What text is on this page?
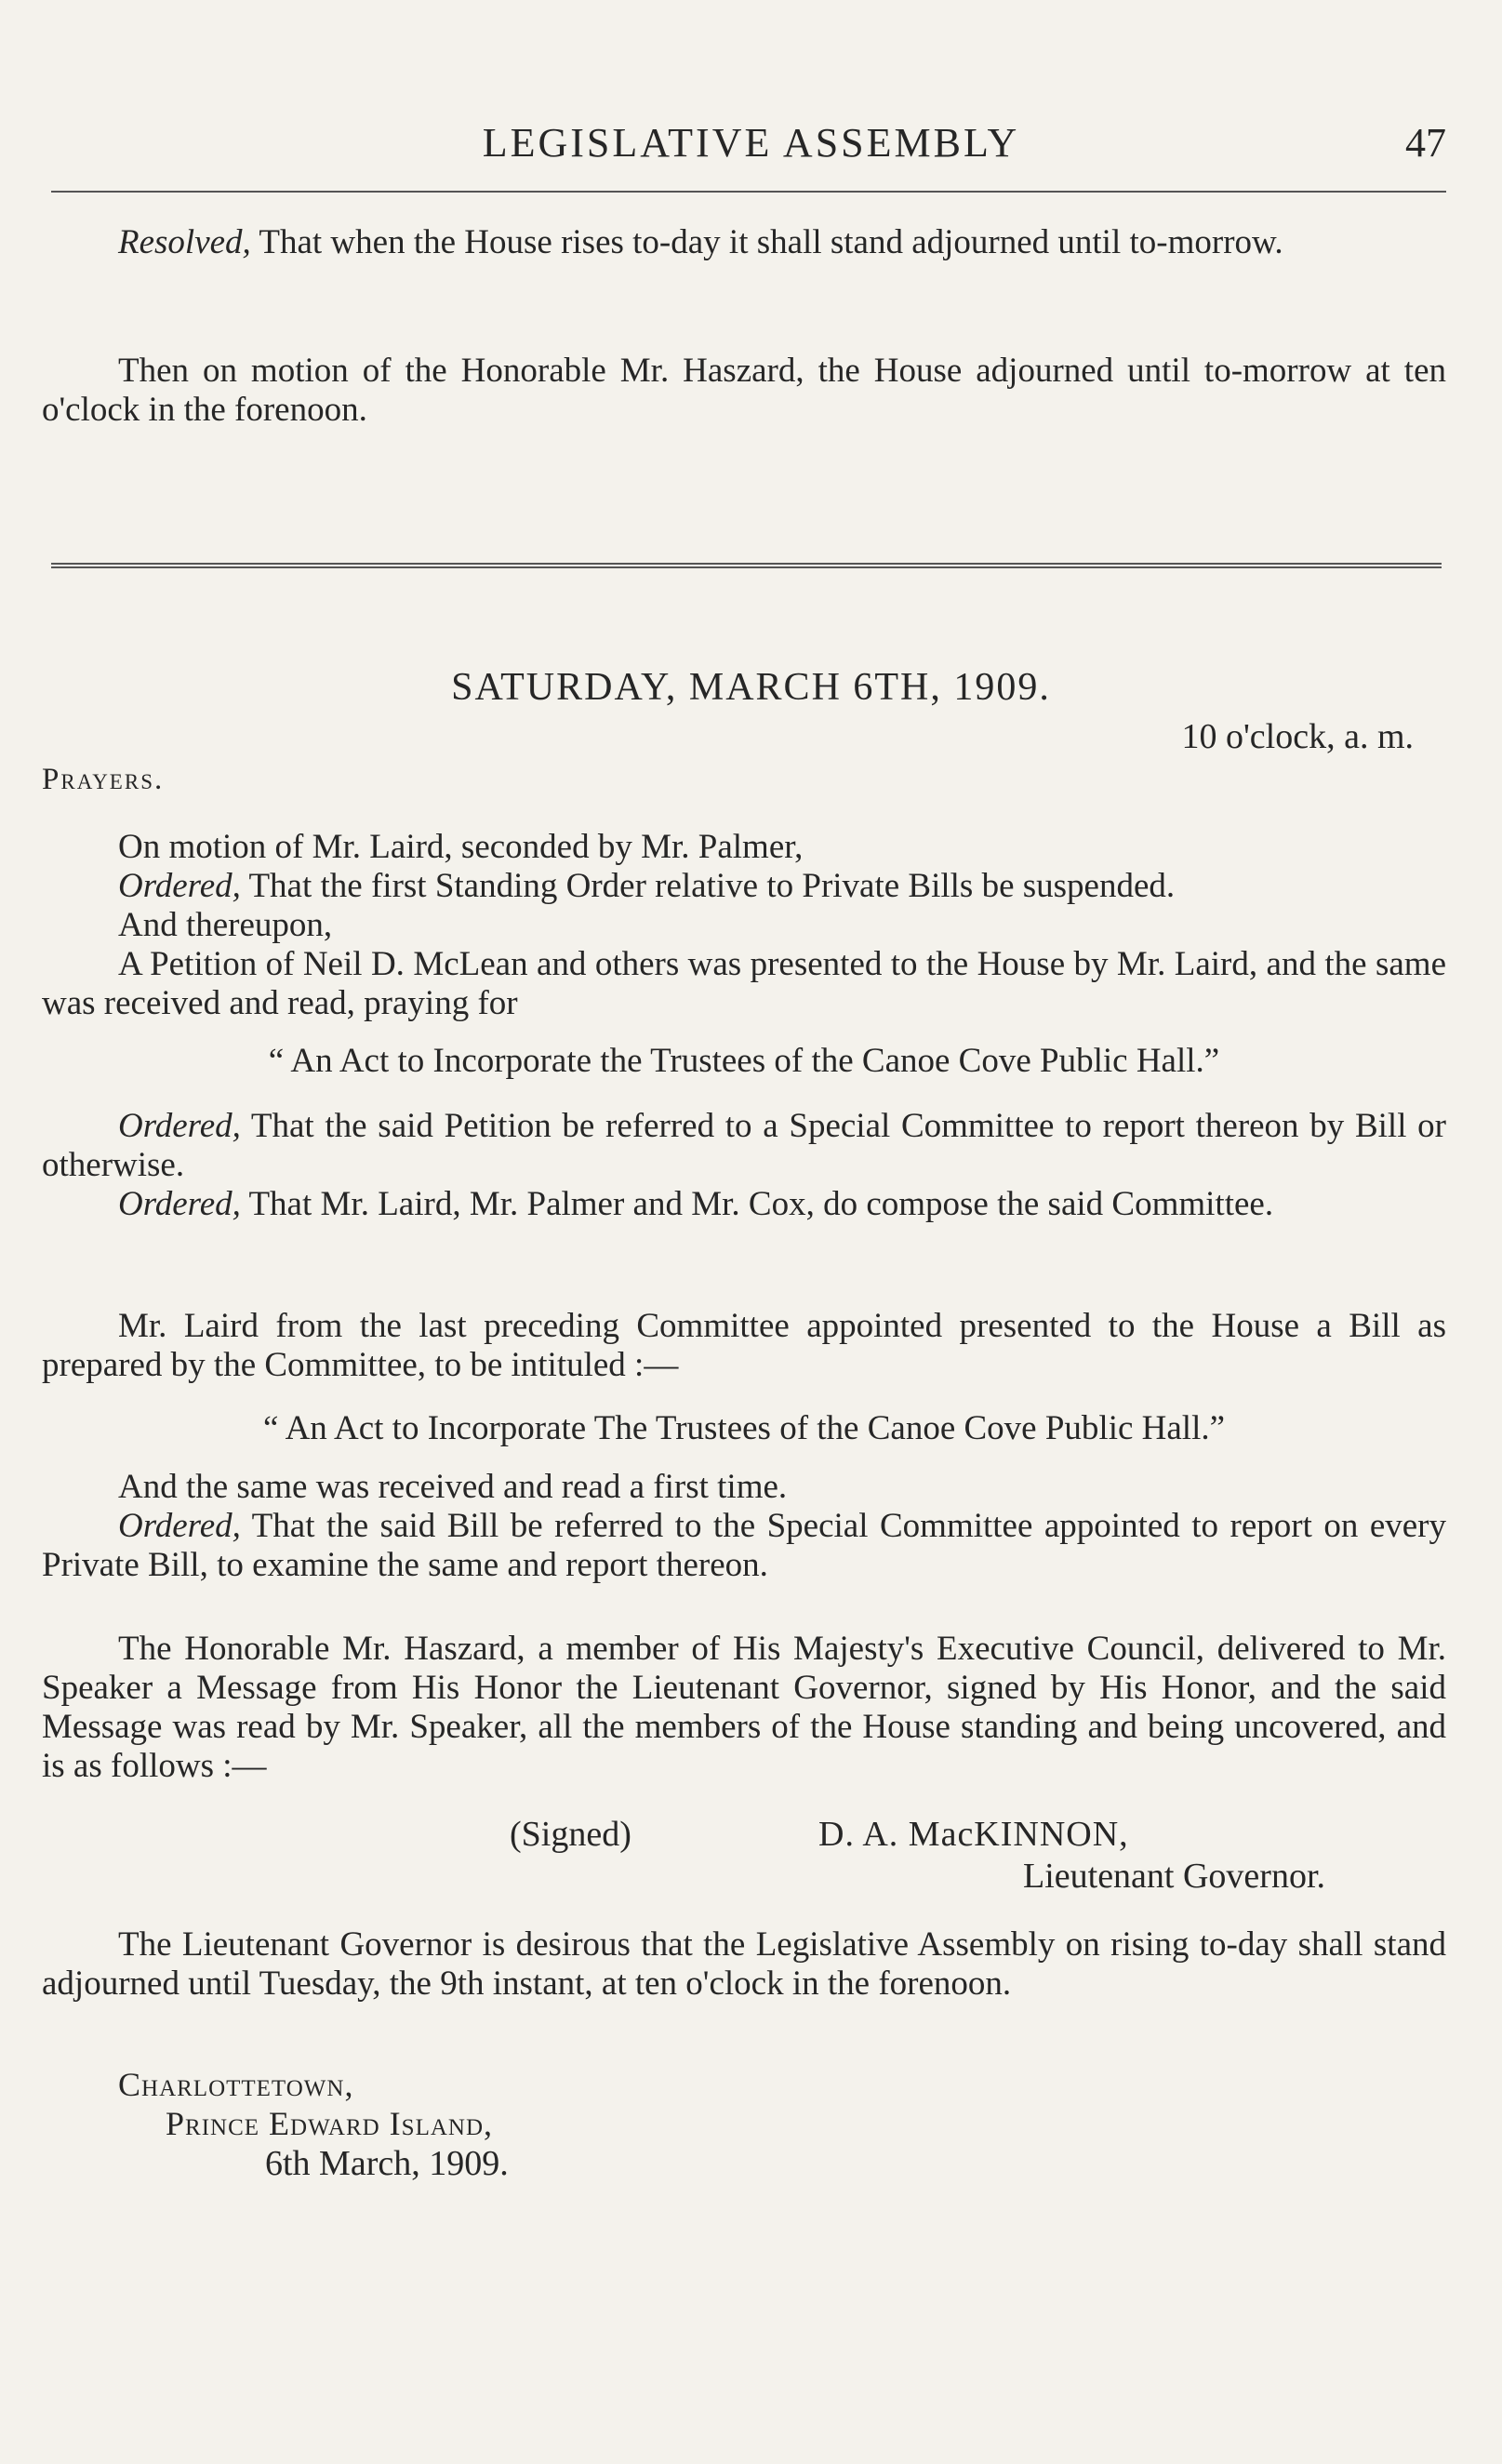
LEGISLATIVE ASSEMBLY	47

Resolved, That when the House rises to-day it shall stand adjourned until to-morrow.

Then on motion of the Honorable Mr. Haszard, the House adjourned until to-morrow at ten o'clock in the forenoon.

SATURDAY, MARCH 6TH, 1909.
10 o'clock, a. m.
Prayers.

On motion of Mr. Laird, seconded by Mr. Palmer,

Ordered, That the first Standing Order relative to Private Bills be suspended.

And thereupon,

A Petition of Neil D. McLean and others was presented to the House by Mr. Laird, and the same was received and read, praying for

“ An Act to Incorporate the Trustees of the Canoe Cove Public Hall.”

Ordered, That the said Petition be referred to a Special Committee to report thereon by Bill or otherwise.

Ordered, That Mr. Laird, Mr. Palmer and Mr. Cox, do compose the said Committee.

Mr. Laird from the last preceding Committee appointed presented to the House a Bill as prepared by the Committee, to be intituled :—

“ An Act to Incorporate The Trustees of the Canoe Cove Public Hall.”

And the same was received and read a first time.

Ordered, That the said Bill be referred to the Special Committee appointed to report on every Private Bill, to examine the same and report thereon.

The Honorable Mr. Haszard, a member of His Majesty's Executive Council, delivered to Mr. Speaker a Message from His Honor the Lieutenant Governor, signed by His Honor, and the said Message was read by Mr. Speaker, all the members of the House standing and being uncovered, and is as follows :—

(Signed)	D. A. MacKINNON,
Lieutenant Governor.

The Lieutenant Governor is desirous that the Legislative Assembly on rising to-day shall stand adjourned until Tuesday, the 9th instant, at ten o'clock in the forenoon.

Charlottetown,
Prince Edward Island,
6th March, 1909.
